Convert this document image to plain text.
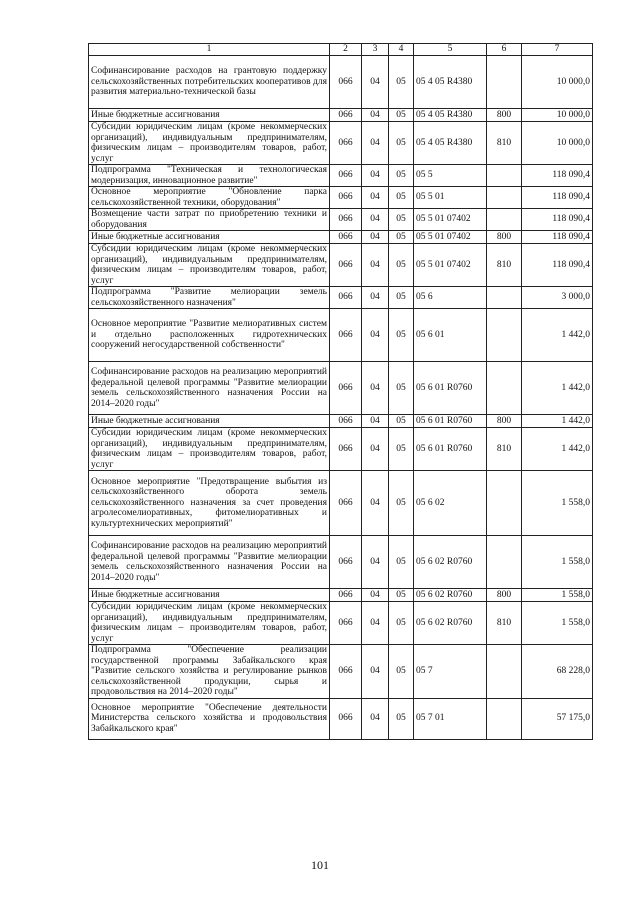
1	2	3	4	5	6	7
Софинансирование расходов на грантовую поддержку сельскохозяйственных потребительских кооперативов для развития материально-технической базы	066	04	05	05 4 05 R4380		10 000,0
Иные бюджетные ассигнования	066	04	05	05 4 05 R4380	800	10 000,0
Субсидии юридическим лицам (кроме некоммерческих организаций), индивидуальным предпринимателям, физическим лицам – производителям товаров, работ, услуг	066	04	05	05 4 05 R4380	810	10 000,0
Подпрограмма "Техническая и технологическая модернизация, инновационное развитие"	066	04	05	05 5		118 090,4
Основное мероприятие "Обновление парка сельскохозяйственной техники, оборудования"	066	04	05	05 5 01		118 090,4
Возмещение части затрат по приобретению техники и оборудования	066	04	05	05 5 01 07402		118 090,4
Иные бюджетные ассигнования	066	04	05	05 5 01 07402	800	118 090,4
Субсидии юридическим лицам (кроме некоммерческих организаций), индивидуальным предпринимателям, физическим лицам – производителям товаров, работ, услуг	066	04	05	05 5 01 07402	810	118 090,4
Подпрограмма "Развитие мелиорации земель сельскохозяйственного назначения"	066	04	05	05 6		3 000,0
Основное мероприятие "Развитие мелиоративных систем и отдельно расположенных гидротехнических сооружений негосударственной собственности"	066	04	05	05 6 01		1 442,0
Софинансирование расходов на реализацию мероприятий федеральной целевой программы "Развитие мелиорации земель сельскохозяйственного назначения России на 2014–2020 годы"	066	04	05	05 6 01 R0760		1 442,0
Иные бюджетные ассигнования	066	04	05	05 6 01 R0760	800	1 442,0
Субсидии юридическим лицам (кроме некоммерческих организаций), индивидуальным предпринимателям, физическим лицам – производителям товаров, работ, услуг	066	04	05	05 6 01 R0760	810	1 442,0
Основное мероприятие "Предотвращение выбытия из сельскохозяйственного оборота земель сельскохозяйственного назначения за счет проведения агролесомелиоративных, фитомелиоративных и культуртехнических мероприятий"	066	04	05	05 6 02		1 558,0
Софинансирование расходов на реализацию мероприятий федеральной целевой программы "Развитие мелиорации земель сельскохозяйственного назначения России на 2014–2020 годы"	066	04	05	05 6 02 R0760		1 558,0
Иные бюджетные ассигнования	066	04	05	05 6 02 R0760	800	1 558,0
Субсидии юридическим лицам (кроме некоммерческих организаций), индивидуальным предпринимателям, физическим лицам – производителям товаров, работ, услуг	066	04	05	05 6 02 R0760	810	1 558,0
Подпрограмма "Обеспечение реализации государственной программы Забайкальского края "Развитие сельского хозяйства и регулирование рынков сельскохозяйственной продукции, сырья и продовольствия на 2014–2020 годы"	066	04	05	05 7		68 228,0
Основное мероприятие "Обеспечение деятельности Министерства сельского хозяйства и продовольствия Забайкальского края"	066	04	05	05 7 01		57 175,0
101
